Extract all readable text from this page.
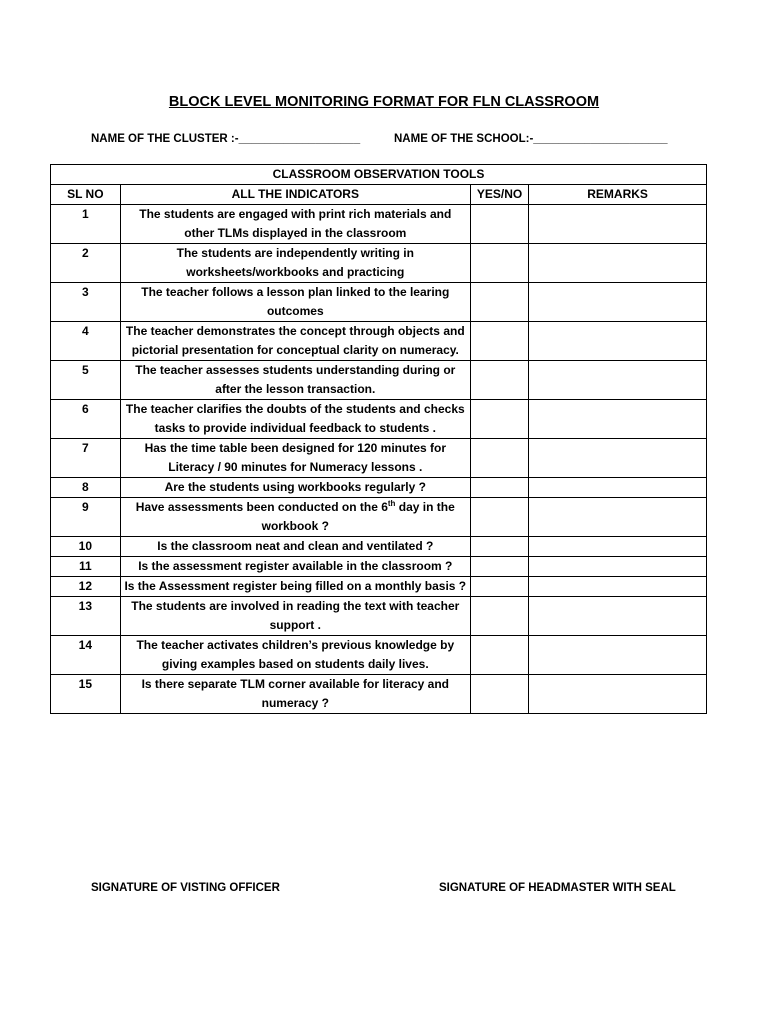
BLOCK LEVEL MONITORING FORMAT FOR FLN CLASSROOM
NAME OF THE CLUSTER :-___________________	NAME OF THE SCHOOL:-_____________________
CLASSROOM OBSERVATION TOOLS			
SL NO	ALL THE INDICATORS	YES/NO	REMARKS
1	The students are engaged with print rich materials and other TLMs displayed in the classroom		
2	The students are independently writing in worksheets/workbooks and practicing		
3	The teacher follows a lesson plan linked to the learing outcomes		
4	The teacher demonstrates the concept through objects and pictorial presentation for conceptual clarity on numeracy.		
5	The teacher assesses students understanding during or after the lesson transaction.		
6	The teacher clarifies the doubts of the students and checks tasks to provide individual feedback to students .		
7	Has the time table been designed for 120 minutes for Literacy / 90 minutes for Numeracy lessons .		
8	Are the students using workbooks regularly ?		
9	Have assessments been conducted on the 6th day in the workbook ?		
10	Is the classroom neat and clean and ventilated ?		
11	Is the assessment register available in the classroom ?		
12	Is the Assessment register being filled on a monthly basis ?		
13	The students are involved in reading the text with teacher support .		
14	The teacher activates children’s previous knowledge by giving examples based on students daily lives.		
15	Is there separate TLM corner available for literacy and numeracy ?		
SIGNATURE OF VISTING OFFICER	SIGNATURE OF HEADMASTER WITH SEAL
